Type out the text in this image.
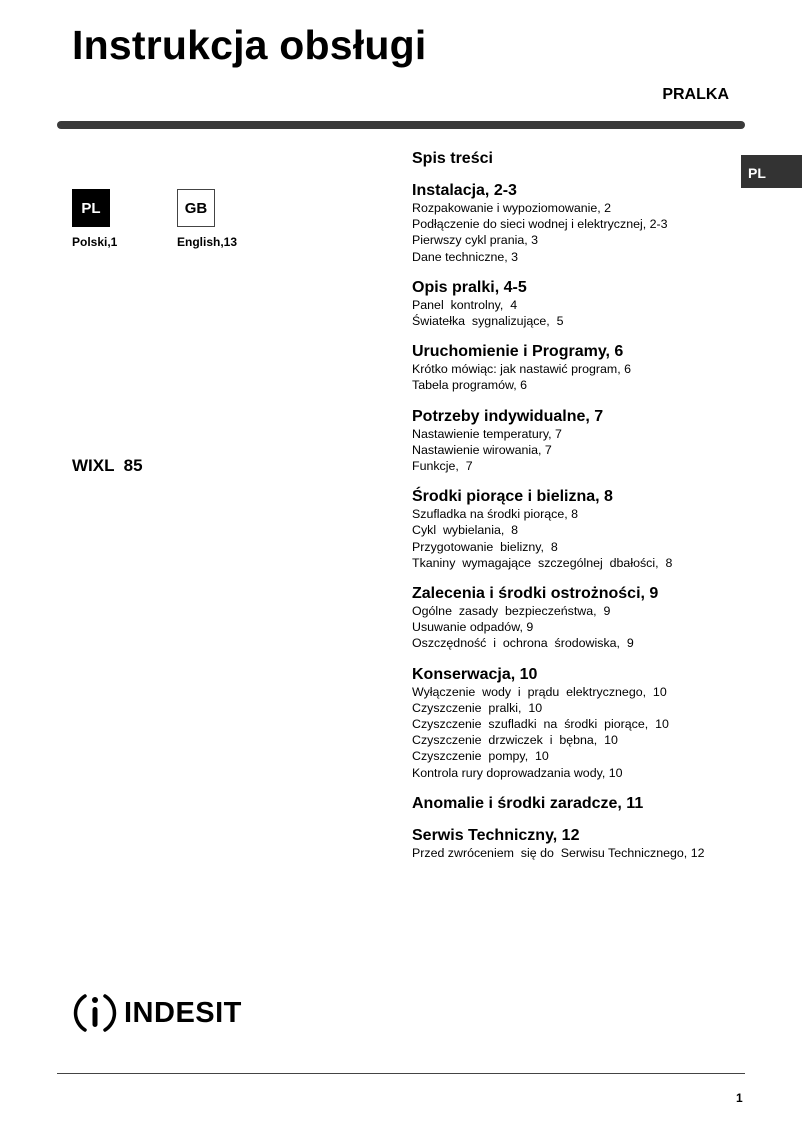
Instrukcja obsługi
PRALKA
PL
PL
Polski,1
GB
English,13
WIXL  85
Spis treści
Instalacja, 2-3
Rozpakowanie i wypoziomowanie, 2
Podłączenie do sieci wodnej i elektrycznej, 2-3
Pierwszy cykl prania, 3
Dane techniczne, 3
Opis pralki, 4-5
Panel  kontrolny,  4
Światełka  sygnalizujące,  5
Uruchomienie i Programy, 6
Krótko mówiąc: jak nastawić program, 6
Tabela programów, 6
Potrzeby indywidualne, 7
Nastawienie temperatury, 7
Nastawienie wirowania, 7
Funkcje,  7
Środki piorące i bielizna, 8
Szufladka na środki piorące, 8
Cykl  wybielania,  8
Przygotowanie  bielizny,  8
Tkaniny  wymagające  szczególnej  dbałości,  8
Zalecenia i środki ostrożności, 9
Ogólne  zasady  bezpieczeństwa,  9
Usuwanie odpadów, 9
Oszczędność  i  ochrona  środowiska,  9
Konserwacja, 10
Wyłączenie  wody  i  prądu  elektrycznego,  10
Czyszczenie  pralki,  10
Czyszczenie  szufladki  na  środki  piorące,  10
Czyszczenie  drzwiczek  i  bębna,  10
Czyszczenie  pompy,  10
Kontrola rury doprowadzania wody, 10
Anomalie i środki zaradcze, 11
Serwis Techniczny, 12
Przed zwróceniem  się do  Serwisu Technicznego, 12
INDESIT
1
